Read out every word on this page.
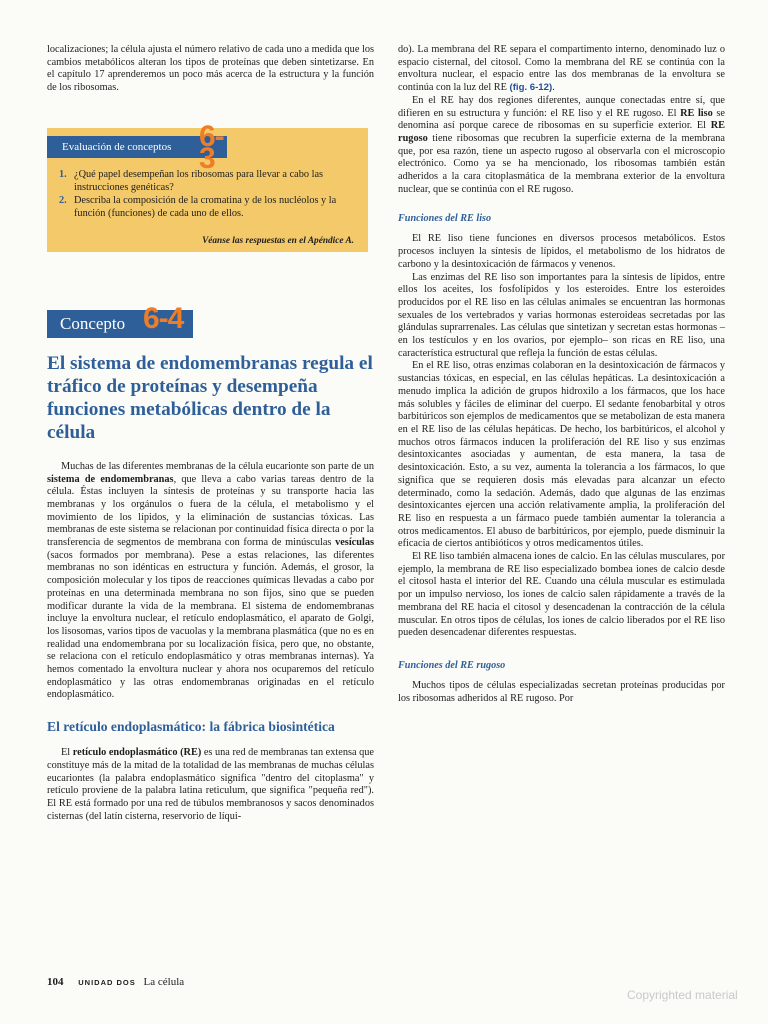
localizaciones; la célula ajusta el número relativo de cada uno a medida que los cambios metabólicos alteran los tipos de proteínas que deben sintetizarse. En el capítulo 17 aprenderemos un poco más acerca de la estructura y la función de los ribosomas.

Evaluación de conceptos 6-3
1. ¿Qué papel desempeñan los ribosomas para llevar a cabo las instrucciones genéticas?
2. Describa la composición de la cromatina y de los nucléolos y la función (funciones) de cada uno de ellos.
Véanse las respuestas en el Apéndice A.
Concepto 6-4
El sistema de endomembranas regula el tráfico de proteínas y desempeña funciones metabólicas dentro de la célula

Muchas de las diferentes membranas de la célula eucarionte son parte de un sistema de endomembranas, que lleva a cabo varias tareas dentro de la célula. Éstas incluyen la síntesis de proteínas y su transporte hacia las membranas y los orgánulos o fuera de la célula, el metabolismo y el movimiento de los lípidos, y la eliminación de sustancias tóxicas. Las membranas de este sistema se relacionan por continuidad física directa o por la transferencia de segmentos de membrana con forma de minúsculas vesículas (sacos formados por membrana). Pese a estas relaciones, las diferentes membranas no son idénticas en estructura y función. Además, el grosor, la composición molecular y los tipos de reacciones químicas llevadas a cabo por proteínas en una determinada membrana no son fijos, sino que se pueden modificar durante la vida de la membrana. El sistema de endomembranas incluye la envoltura nuclear, el retículo endoplasmático, el aparato de Golgi, los lisosomas, varios tipos de vacuolas y la membrana plasmática (que no es en realidad una endomembrana por su localización física, pero que, no obstante, se relaciona con el retículo endoplasmático y otras membranas internas). Ya hemos comentado la envoltura nuclear y ahora nos ocuparemos del retículo endoplasmático y las otras endomembranas originadas en el retículo endoplasmático.

El retículo endoplasmático: la fábrica biosintética

El retículo endoplasmático (RE) es una red de membranas tan extensa que constituye más de la mitad de la totalidad de las membranas de muchas células eucariontes (la palabra endoplasmático significa "dentro del citoplasma" y retículo proviene de la palabra latina reticulum, que significa "pequeña red"). El RE está formado por una red de túbulos membranosos y sacos denominados cisternas (del latín cisterna, reservorio de líqui-

do). La membrana del RE separa el compartimento interno, denominado luz o espacio cisternal, del citosol. Como la membrana del RE se continúa con la envoltura nuclear, el espacio entre las dos membranas de la envoltura se continúa con la luz del RE (fig. 6-12).

En el RE hay dos regiones diferentes, aunque conectadas entre sí, que difieren en su estructura y función: el RE liso y el RE rugoso. El RE liso se denomina así porque carece de ribosomas en su superficie exterior. El RE rugoso tiene ribosomas que recubren la superficie externa de la membrana que, por esa razón, tiene un aspecto rugoso al observarla con el microscopio electrónico. Como ya se ha mencionado, los ribosomas también están adheridos a la cara citoplasmática de la membrana exterior de la envoltura nuclear, que se continúa con el RE rugoso.

Funciones del RE liso

El RE liso tiene funciones en diversos procesos metabólicos. Estos procesos incluyen la síntesis de lípidos, el metabolismo de los hidratos de carbono y la desintoxicación de fármacos y venenos.

Las enzimas del RE liso son importantes para la síntesis de lípidos, entre ellos los aceites, los fosfolípidos y los esteroides. Entre los esteroides producidos por el RE liso en las células animales se encuentran las hormonas sexuales de los vertebrados y varias hormonas esteroideas secretadas por las glándulas suprarrenales. Las células que sintetizan y secretan estas hormonas –en los testículos y en los ovarios, por ejemplo– son ricas en RE liso, una característica estructural que refleja la función de estas células.

En el RE liso, otras enzimas colaboran en la desintoxicación de fármacos y sustancias tóxicas, en especial, en las células hepáticas. La desintoxicación a menudo implica la adición de grupos hidroxilo a los fármacos, que los hace más solubles y fáciles de eliminar del cuerpo. El sedante fenobarbital y otros barbitúricos son ejemplos de medicamentos que se metabolizan de esta manera en el RE liso de las células hepáticas. De hecho, los barbitúricos, el alcohol y muchos otros fármacos inducen la proliferación del RE liso y sus enzimas desintoxicantes asociadas y aumentan, de esta manera, la tasa de desintoxicación. Esto, a su vez, aumenta la tolerancia a los fármacos, lo que significa que se requieren dosis más elevadas para alcanzar un efecto determinado, como la sedación. Además, dado que algunas de las enzimas desintoxicantes ejercen una acción relativamente amplia, la proliferación del RE liso en respuesta a un fármaco puede también aumentar la tolerancia a otros medicamentos. El abuso de barbitúricos, por ejemplo, puede disminuir la eficacia de ciertos antibióticos y otros medicamentos útiles.

El RE liso también almacena iones de calcio. En las células musculares, por ejemplo, la membrana de RE liso especializado bombea iones de calcio desde el citosol hasta el interior del RE. Cuando una célula muscular es estimulada por un impulso nervioso, los iones de calcio salen rápidamente a través de la membrana del RE hacia el citosol y desencadenan la contracción de la célula muscular. En otros tipos de células, los iones de calcio liberados por el RE liso pueden desencadenar diferentes respuestas.

Funciones del RE rugoso

Muchos tipos de células especializadas secretan proteínas producidas por los ribosomas adheridos al RE rugoso. Por

104 UNIDAD DOS La célula
Copyrighted material
